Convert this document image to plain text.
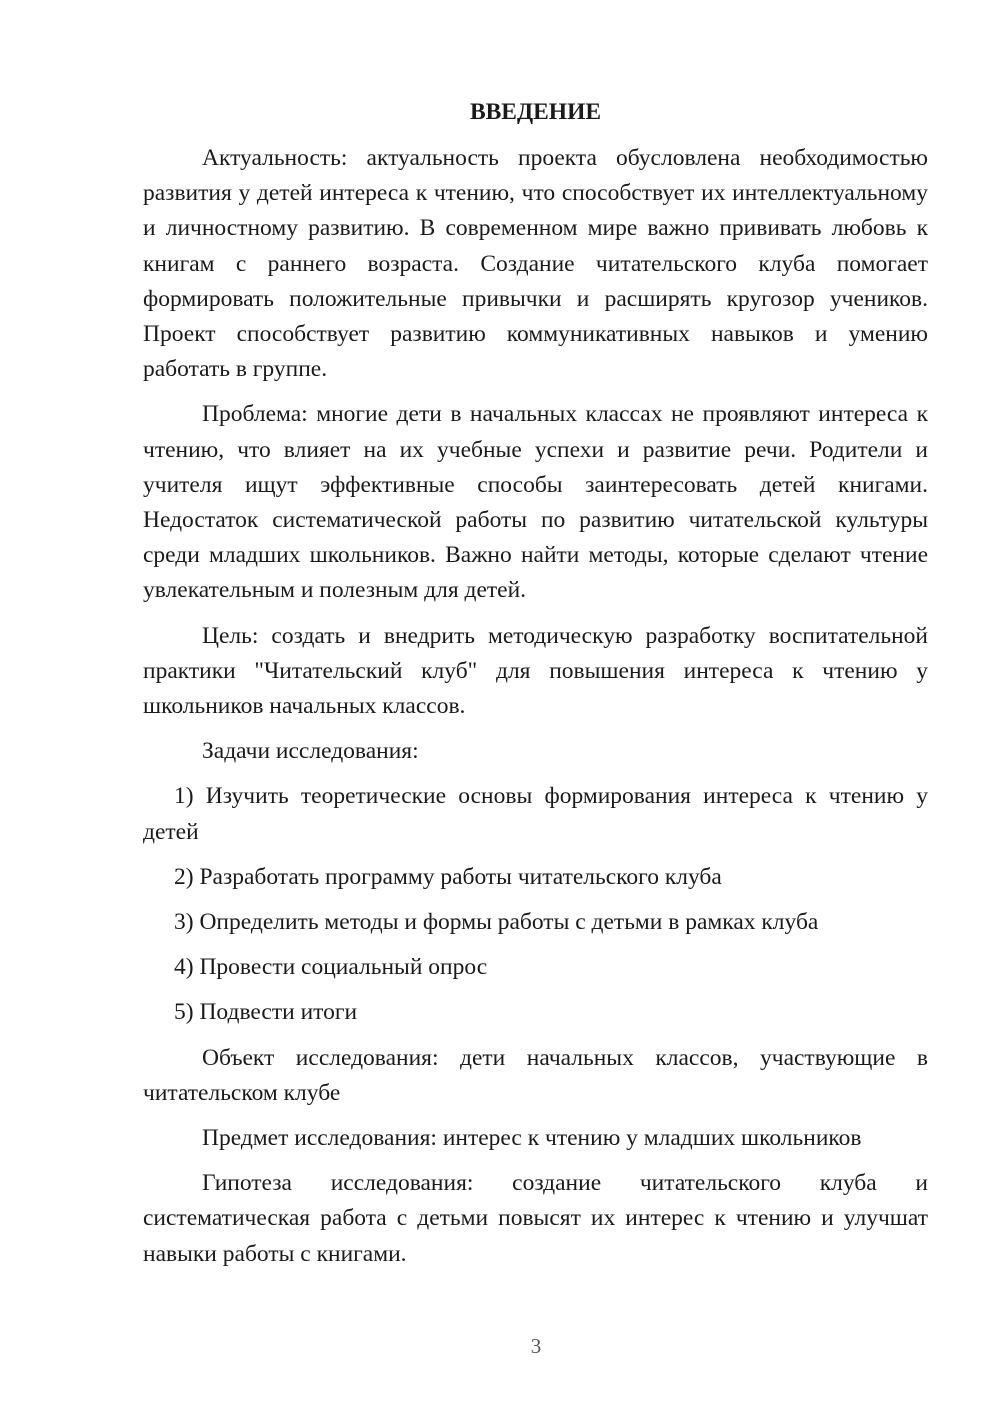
ВВЕДЕНИЕ

Актуальность: актуальность проекта обусловлена необходимостью развития у детей интереса к чтению, что способствует их интеллектуальному и личностному развитию. В современном мире важно прививать любовь к книгам с раннего возраста. Создание читательского клуба помогает формировать положительные привычки и расширять кругозор учеников. Проект способствует развитию коммуникативных навыков и умению работать в группе.

Проблема: многие дети в начальных классах не проявляют интереса к чтению, что влияет на их учебные успехи и развитие речи. Родители и учителя ищут эффективные способы заинтересовать детей книгами. Недостаток систематической работы по развитию читательской культуры среди младших школьников. Важно найти методы, которые сделают чтение увлекательным и полезным для детей.

Цель: создать и внедрить методическую разработку воспитательной практики "Читательский клуб" для повышения интереса к чтению у школьников начальных классов.

Задачи исследования:

1) Изучить теоретические основы формирования интереса к чтению у детей

2) Разработать программу работы читательского клуба

3) Определить методы и формы работы с детьми в рамках клуба

4) Провести социальный опрос

5) Подвести итоги

Объект исследования: дети начальных классов, участвующие в читательском клубе

Предмет исследования: интерес к чтению у младших школьников

Гипотеза исследования: создание читательского клуба и систематическая работа с детьми повысят их интерес к чтению и улучшат навыки работы с книгами.

3
